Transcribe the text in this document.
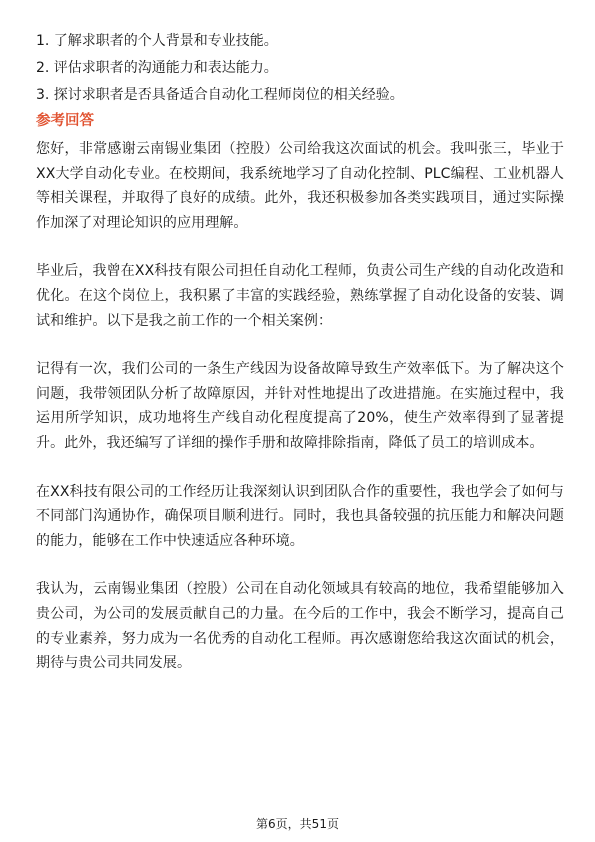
1. 了解求职者的个人背景和专业技能。
2. 评估求职者的沟通能力和表达能力。
3. 探讨求职者是否具备适合自动化工程师岗位的相关经验。
参考回答

您好，非常感谢云南锡业集团（控股）公司给我这次面试的机会。我叫张三，毕业于XX大学自动化专业。在校期间，我系统地学习了自动化控制、PLC编程、工业机器人等相关课程，并取得了良好的成绩。此外，我还积极参加各类实践项目，通过实际操作加深了对理论知识的应用理解。

毕业后，我曾在XX科技有限公司担任自动化工程师，负责公司生产线的自动化改造和优化。在这个岗位上，我积累了丰富的实践经验，熟练掌握了自动化设备的安装、调试和维护。以下是我之前工作的一个相关案例：

记得有一次，我们公司的一条生产线因为设备故障导致生产效率低下。为了解决这个问题，我带领团队分析了故障原因，并针对性地提出了改进措施。在实施过程中，我运用所学知识，成功地将生产线自动化程度提高了20%，使生产效率得到了显著提升。此外，我还编写了详细的操作手册和故障排除指南，降低了员工的培训成本。

在XX科技有限公司的工作经历让我深刻认识到团队合作的重要性，我也学会了如何与不同部门沟通协作，确保项目顺利进行。同时，我也具备较强的抗压能力和解决问题的能力，能够在工作中快速适应各种环境。

我认为，云南锡业集团（控股）公司在自动化领域具有较高的地位，我希望能够加入贵公司，为公司的发展贡献自己的力量。在今后的工作中，我会不断学习，提高自己的专业素养，努力成为一名优秀的自动化工程师。再次感谢您给我这次面试的机会，期待与贵公司共同发展。

第6页，共51页
